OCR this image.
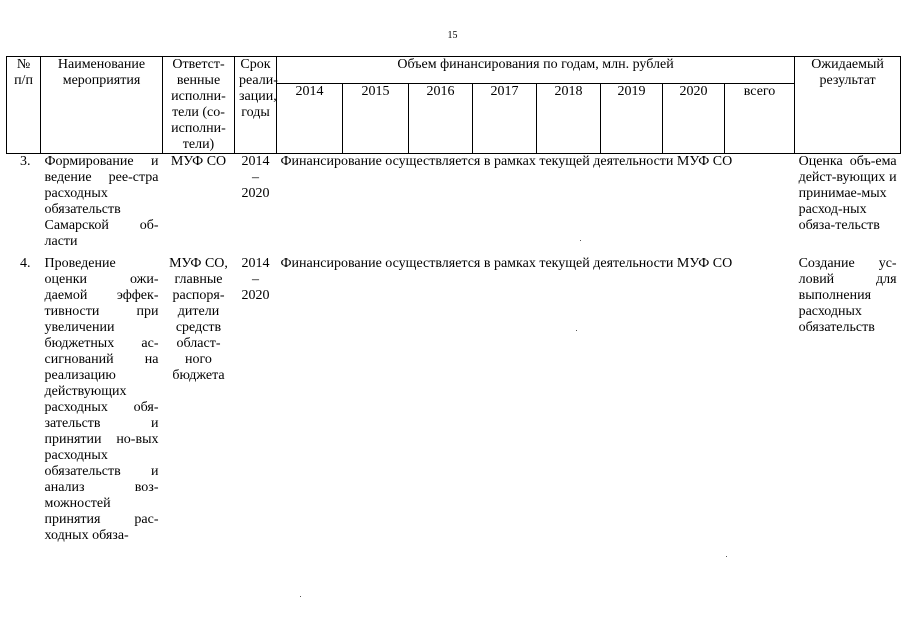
15
№ п/п	Наименование мероприятия	Ответст-венные исполни-тели (со-исполни-тели)	Срок реали-зации, годы	Объем финансирования по годам, млн. рублей								Ожидаемый результат
				2014	2015	2016	2017	2018	2019	2020	всего	
3.	Формирование и ведение рее-стра расходных обязательств Самарской об-ласти	МУФ СО	2014 – 2020	Финансирование осуществляется в рамках текущей деятельности МУФ СО								Оценка объ-ема дейст-вующих и принимае-мых расход-ных обяза-тельств
4.	Проведение оценки ожи-даемой эффек-тивности при увеличении бюджетных ас-сигнований на реализацию действующих расходных обя-зательств и принятии но-вых расходных обязательств и анализ воз-можностей принятия рас-ходных обяза-	МУФ СО, главные распоря-дители средств област-ного бюджета	2014 – 2020	Финансирование осуществляется в рамках текущей деятельности МУФ СО								Создание ус-ловий для выполнения расходных обязательств
